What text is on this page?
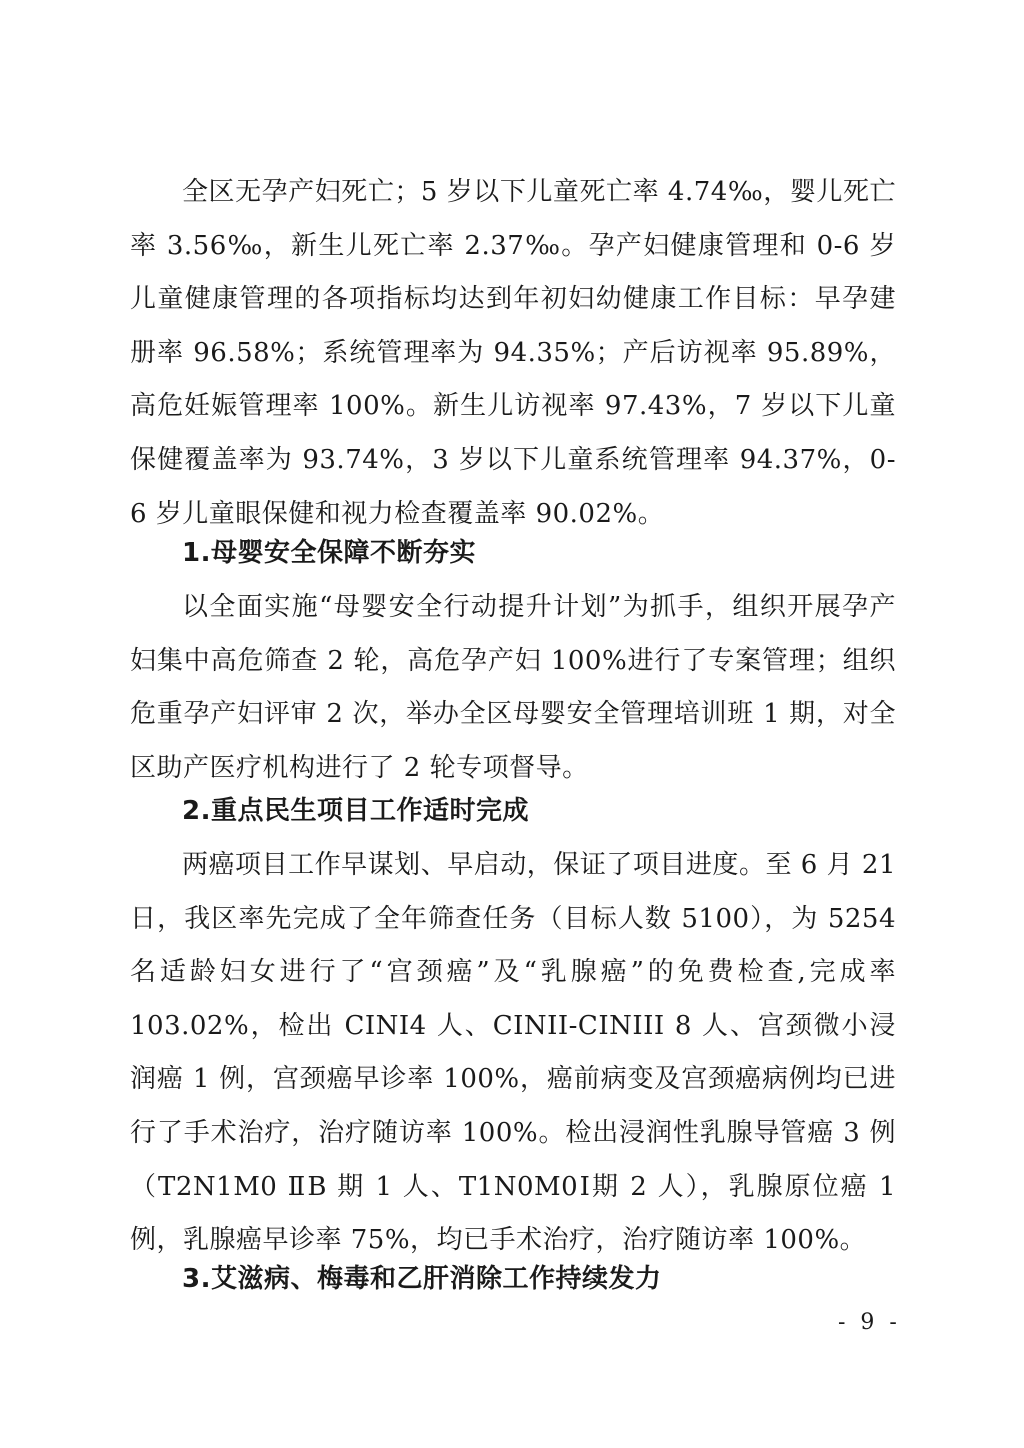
全区无孕产妇死亡；5 岁以下儿童死亡率 4.74‰，婴儿死亡率 3.56‰，新生儿死亡率 2.37‰。孕产妇健康管理和 0-6 岁儿童健康管理的各项指标均达到年初妇幼健康工作目标：早孕建册率 96.58%；系统管理率为 94.35%；产后访视率 95.89%，高危妊娠管理率 100%。新生儿访视率 97.43%，7 岁以下儿童保健覆盖率为 93.74%，3 岁以下儿童系统管理率 94.37%，0-6 岁儿童眼保健和视力检查覆盖率 90.02%。

1.母婴安全保障不断夯实

以全面实施“母婴安全行动提升计划”为抓手，组织开展孕产妇集中高危筛查 2 轮，高危孕产妇 100%进行了专案管理；组织危重孕产妇评审 2 次，举办全区母婴安全管理培训班 1 期，对全区助产医疗机构进行了 2 轮专项督导。

2.重点民生项目工作适时完成

两癌项目工作早谋划、早启动，保证了项目进度。至 6 月 21 日，我区率先完成了全年筛查任务（目标人数 5100），为 5254 名适龄妇女进行了“宫颈癌”及“乳腺癌”的免费检查,完成率 103.02%，检出 CINI4 人、CINII-CINIII 8 人、宫颈微小浸润癌 1 例，宫颈癌早诊率 100%，癌前病变及宫颈癌病例均已进行了手术治疗，治疗随访率 100%。检出浸润性乳腺导管癌 3 例（T2N1M0 ⅡB 期 1 人、T1N0M0Ⅰ期 2 人），乳腺原位癌 1 例，乳腺癌早诊率 75%，均已手术治疗，治疗随访率 100%。

3.艾滋病、梅毒和乙肝消除工作持续发力
- 9 -
